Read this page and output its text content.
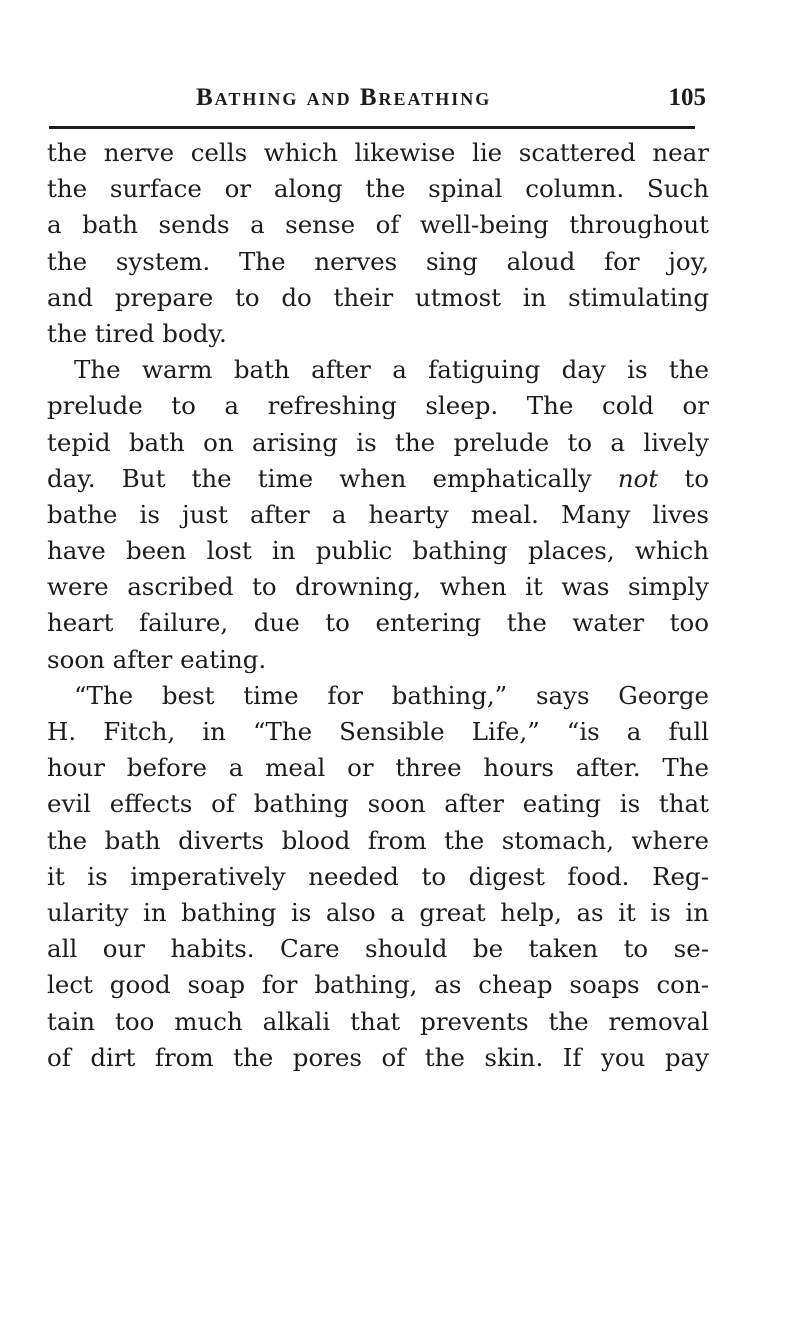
Bathing and Breathing	105
the nerve cells which likewise lie scattered near
the surface or along the spinal column. Such
a bath sends a sense of well-being throughout
the system. The nerves sing aloud for joy,
and prepare to do their utmost in stimulating
the tired body.
The warm bath after a fatiguing day is the
prelude to a refreshing sleep. The cold or
tepid bath on arising is the prelude to a lively
day. But the time when emphatically not to
bathe is just after a hearty meal. Many lives
have been lost in public bathing places, which
were ascribed to drowning, when it was simply
heart failure, due to entering the water too
soon after eating.
“The best time for bathing,” says George
H. Fitch, in “The Sensible Life,” “is a full
hour before a meal or three hours after. The
evil effects of bathing soon after eating is that
the bath diverts blood from the stomach, where
it is imperatively needed to digest food. Reg-
ularity in bathing is also a great help, as it is in
all our habits. Care should be taken to se-
lect good soap for bathing, as cheap soaps con-
tain too much alkali that prevents the removal
of dirt from the pores of the skin. If you pay
